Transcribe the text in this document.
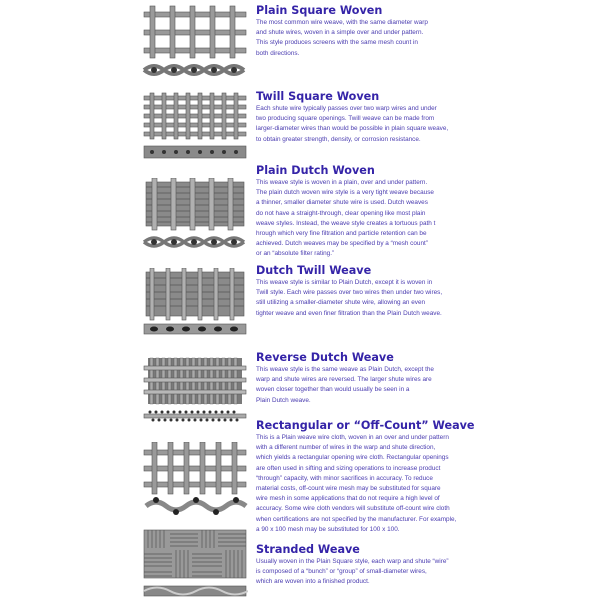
Plain Square Woven

The most common wire weave, with the same diameter warp

and shute wires, woven in a simple over and under pattern.

This style produces screens with the same mesh count in

both directions.

Twill Square Woven

Each shute wire typically passes over two warp wires and under

two producing square openings. Twill weave can be made from

larger-diameter wires than would be possible in plain square weave,

to obtain greater strength, density, or corrosion resistance.

Plain Dutch Woven

This weave style is woven in a plain, over and under pattern.

The plain dutch woven wire style is a very tight weave because

a thinner, smaller diameter shute wire is used. Dutch weaves

do not have a straight-through, clear opening like most plain

weave styles. Instead, the weave style creates a tortuous path t

hrough which very fine filtration and particle retention can be

achieved. Dutch weaves may be specified by a “mesh count”

or an “absolute filter rating.”

Dutch Twill Weave

This weave style is similar to Plain Dutch, except it is woven in

Twill style. Each wire passes over two wires then under two wires,

still utilizing a smaller-diameter shute wire, allowing an even

tighter weave and even finer filtration than the Plain Dutch weave.

Reverse Dutch Weave

This weave style is the same weave as Plain Dutch, except the

warp and shute wires are reversed. The larger shute wires are

woven closer together than would usually be seen in a

Plain Dutch weave.

Rectangular or “Off-Count” Weave

This is a Plain weave wire cloth, woven in an over and under pattern

with a different number of wires in the warp and shute direction,

which yields a rectangular opening wire cloth. Rectangular openings

are often used in sifting and sizing operations to increase product

“through” capacity, with minor sacrifices in accuracy. To reduce

material costs, off-count wire mesh may be substituted for square

wire mesh in some applications that do not require a high level of

accuracy. Some wire cloth vendors will substitute off-count wire cloth

when certifications are not specified by the manufacturer. For example,

a 90 x 100 mesh may be substituted for 100 x 100.

Stranded Weave

Usually woven in the Plain Square style, each warp and shute “wire”

is composed of a “bunch” or “group” of small-diameter wires,

which are woven into a finished product.
